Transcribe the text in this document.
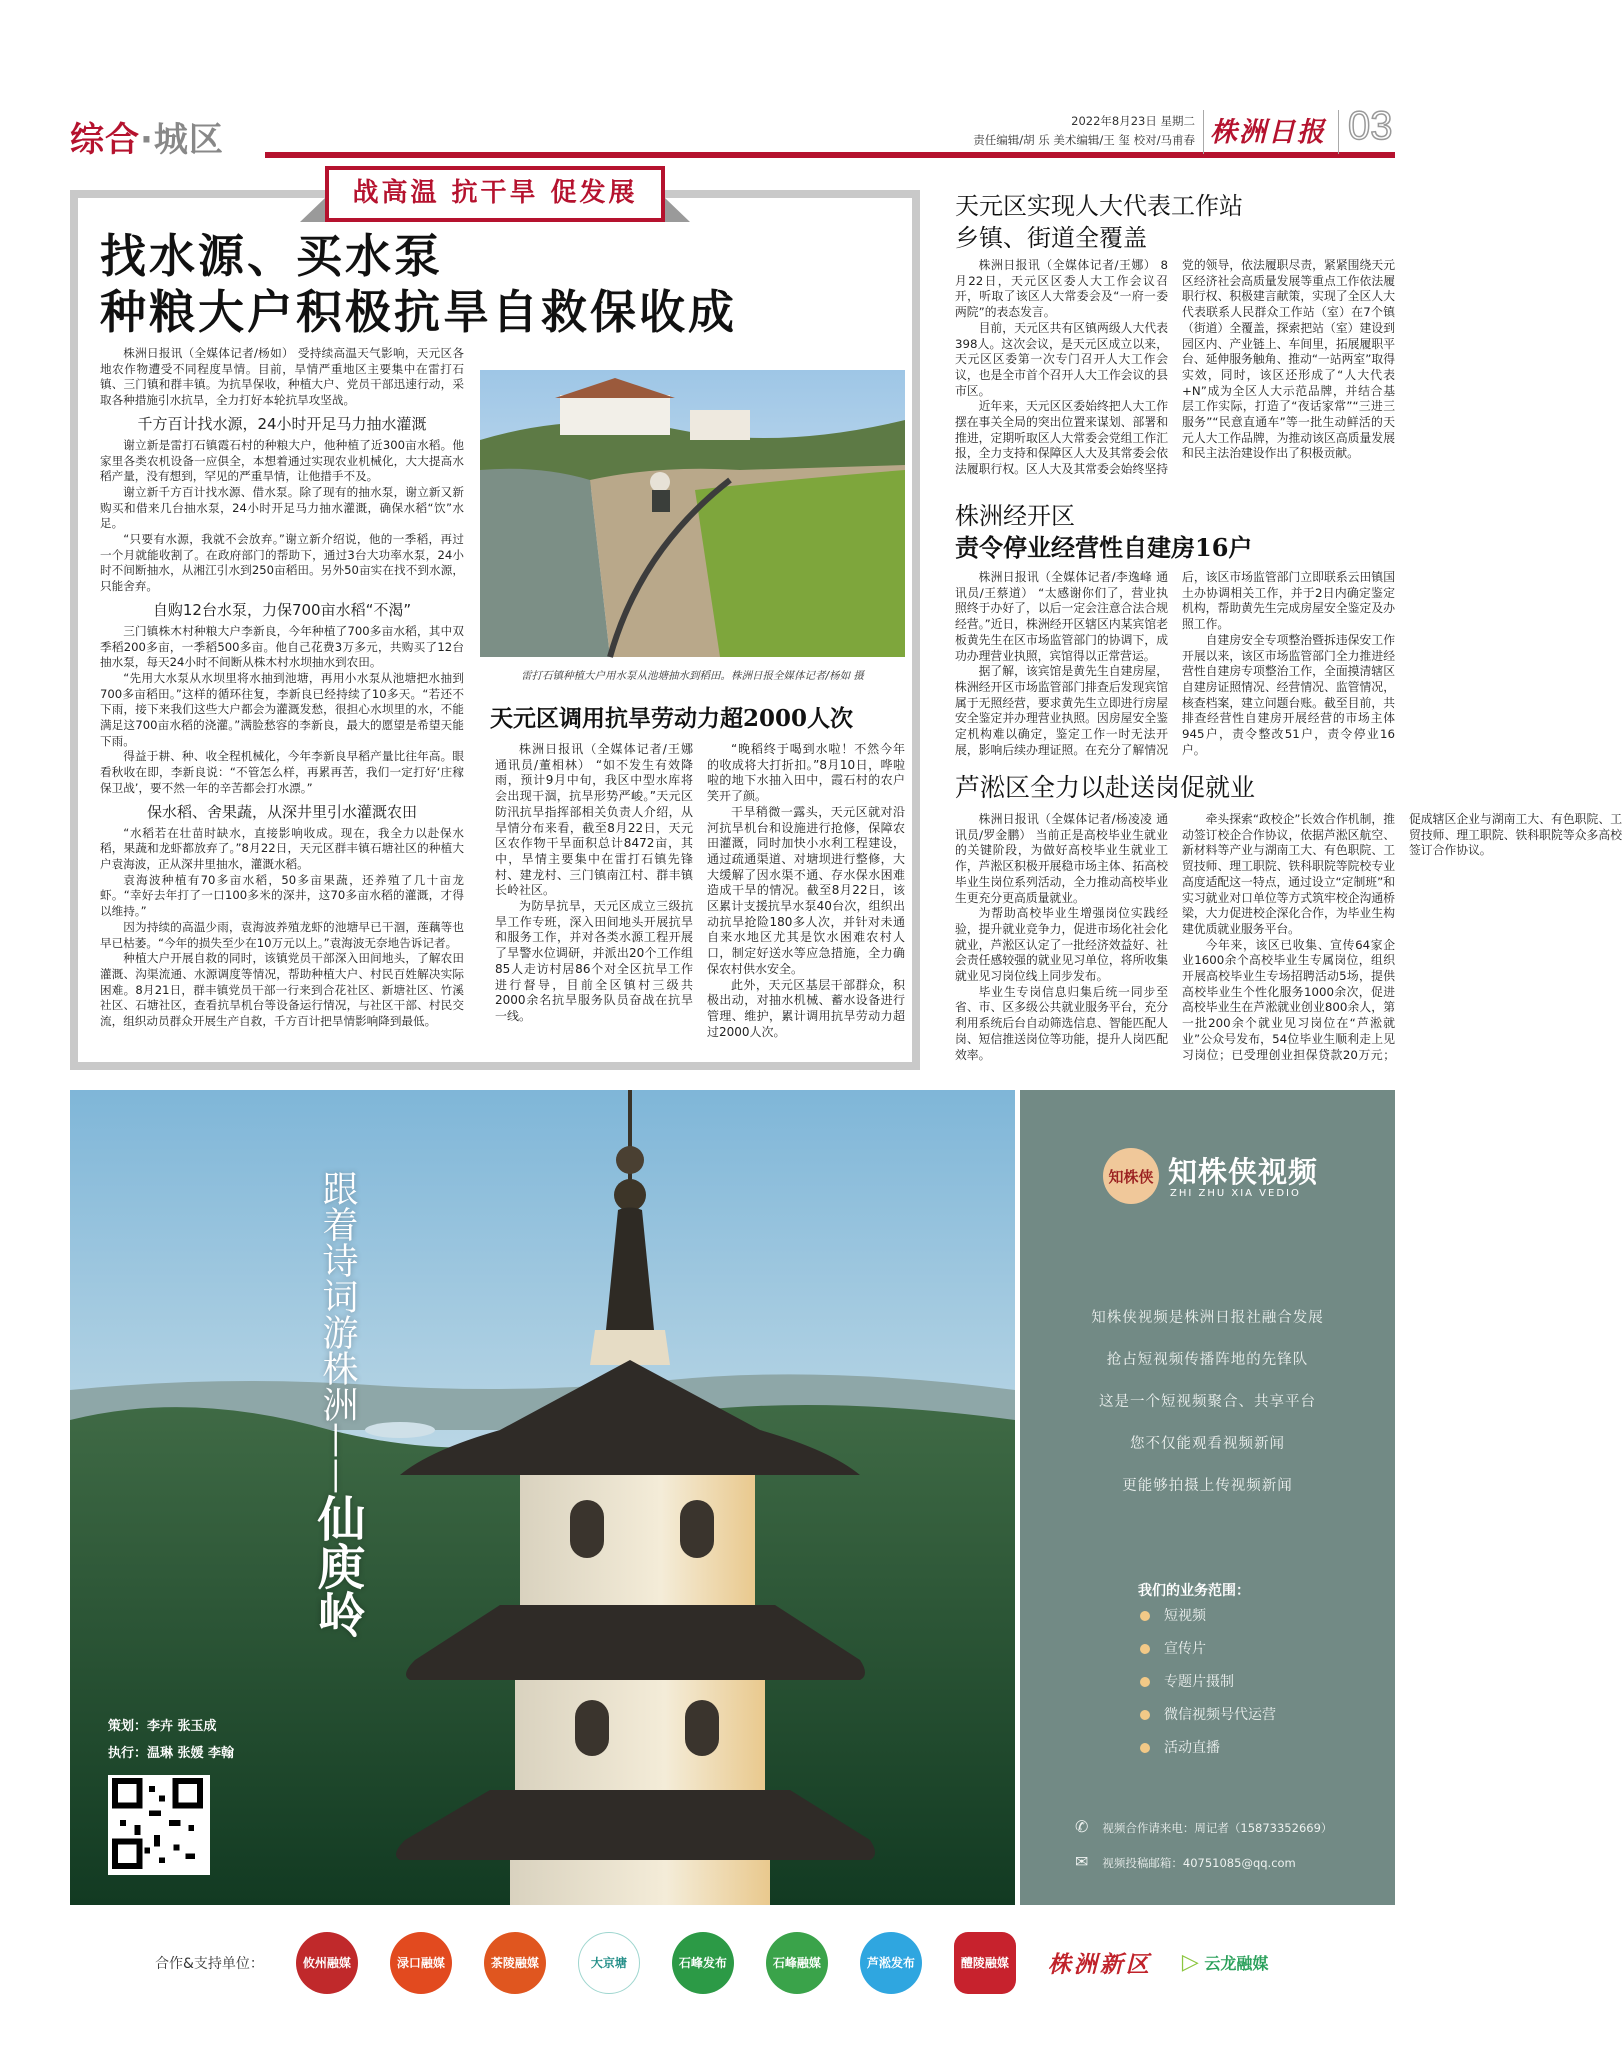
综合·城区	2022年8月23日 星期二
责任编辑/胡 乐 美术编辑/王 玺 校对/马甫春 株洲日报 03
战高温 抗干旱 促发展
找水源、买水泵
种粮大户积极抗旱自救保收成

株洲日报讯（全媒体记者/杨如） 受持续高温天气影响，天元区各地农作物遭受不同程度旱情。目前，旱情严重地区主要集中在雷打石镇、三门镇和群丰镇。为抗旱保收，种植大户、党员干部迅速行动，采取各种措施引水抗旱，全力打好本轮抗旱攻坚战。

千方百计找水源，24小时开足马力抽水灌溉

谢立新是雷打石镇霞石村的种粮大户，他种植了近300亩水稻。他家里各类农机设备一应俱全，本想着通过实现农业机械化，大大提高水稻产量，没有想到，罕见的严重旱情，让他措手不及。

谢立新千方百计找水源、借水泵。除了现有的抽水泵，谢立新又新购买和借来几台抽水泵，24小时开足马力抽水灌溉，确保水稻“饮”水足。

“只要有水源，我就不会放弃。”谢立新介绍说，他的一季稻，再过一个月就能收割了。在政府部门的帮助下，通过3台大功率水泵，24小时不间断抽水，从湘江引水到250亩稻田。另外50亩实在找不到水源，只能舍弃。

自购12台水泵，力保700亩水稻“不渴”

三门镇株木村种粮大户李新良，今年种植了700多亩水稻，其中双季稻200多亩，一季稻500多亩。他自己花费3万多元，共购买了12台抽水泵，每天24小时不间断从株木村水坝抽水到农田。

“先用大水泵从水坝里将水抽到池塘，再用小水泵从池塘把水抽到700多亩稻田。”这样的循环往复，李新良已经持续了10多天。“若还不下雨，接下来我们这些大户都会为灌溉发愁，很担心水坝里的水，不能满足这700亩水稻的浇灌。”满脸愁容的李新良，最大的愿望是希望天能下雨。

得益于耕、种、收全程机械化，今年李新良早稻产量比往年高。眼看秋收在即，李新良说：“不管怎么样，再累再苦，我们一定打好‘庄稼保卫战’，要不然一年的辛苦都会打水漂。”

保水稻、舍果蔬，从深井里引水灌溉农田

“水稻若在壮苗时缺水，直接影响收成。现在，我全力以赴保水稻，果蔬和龙虾都放弃了。”8月22日，天元区群丰镇石塘社区的种植大户袁海波，正从深井里抽水，灌溉水稻。

袁海波种植有70多亩水稻，50多亩果蔬，还养殖了几十亩龙虾。“幸好去年打了一口100多米的深井，这70多亩水稻的灌溉，才得以维持。”

因为持续的高温少雨，袁海波养殖龙虾的池塘早已干涸，莲藕等也早已枯萎。“今年的损失至少在10万元以上。”袁海波无奈地告诉记者。

种植大户开展自救的同时，该镇党员干部深入田间地头，了解农田灌溉、沟渠流通、水源调度等情况，帮助种植大户、村民百姓解决实际困难。8月21日，群丰镇党员干部一行来到合花社区、新塘社区、竹溪社区、石塘社区，查看抗旱机台等设备运行情况，与社区干部、村民交流，组织动员群众开展生产自救，千方百计把旱情影响降到最低。

雷打石镇种植大户用水泵从池塘抽水到稻田。株洲日报全媒体记者/杨如 摄
天元区调用抗旱劳动力超2000人次

株洲日报讯（全媒体记者/王娜 通讯员/董相林） “如不发生有效降雨，预计9月中旬，我区中型水库将会出现干涸，抗旱形势严峻。”天元区防汛抗旱指挥部相关负责人介绍，从旱情分布来看，截至8月22日，天元区农作物干旱面积总计8472亩，其中，旱情主要集中在雷打石镇先锋村、建龙村、三门镇南江村、群丰镇长岭社区。

为防旱抗旱，天元区成立三级抗旱工作专班，深入田间地头开展抗旱和服务工作，并对各类水源工程开展了旱警水位调研，并派出20个工作组85人走访村居86个对全区抗旱工作进行督导，目前全区镇村三级共2000余名抗旱服务队员奋战在抗旱一线。

“晚稻终于喝到水啦！不然今年的收成将大打折扣。”8月10日，哗啦啦的地下水抽入田中，霞石村的农户笑开了颜。

干旱稍微一露头，天元区就对沿河抗旱机台和设施进行抢修，保障农田灌溉，同时加快小水利工程建设，通过疏通渠道、对塘坝进行整修，大大缓解了因水渠不通、存水保水困难造成干旱的情况。截至8月22日，该区累计支援抗旱水泵40台次，组织出动抗旱抢险180多人次，并针对未通自来水地区尤其是饮水困难农村人口，制定好送水等应急措施，全力确保农村供水安全。

此外，天元区基层干部群众，积极出动，对抽水机械、蓄水设备进行管理、维护，累计调用抗旱劳动力超过2000人次。

天元区实现人大代表工作站
乡镇、街道全覆盖

株洲日报讯（全媒体记者/王娜） 8月22日，天元区区委人大工作会议召开，听取了该区人大常委会及“一府一委两院”的表态发言。

目前，天元区共有区镇两级人大代表398人。这次会议，是天元区成立以来，天元区区委第一次专门召开人大工作会议，也是全市首个召开人大工作会议的县市区。

近年来，天元区区委始终把人大工作摆在事关全局的突出位置来谋划、部署和推进，定期听取区人大常委会党组工作汇报，全力支持和保障区人大及其常委会依法履职行权。区人大及其常委会始终坚持党的领导，依法履职尽责，紧紧围绕天元区经济社会高质量发展等重点工作依法履职行权、积极建言献策，实现了全区人大代表联系人民群众工作站（室）在7个镇（街道）全覆盖，探索把站（室）建设到园区内、产业链上、车间里，拓展履职平台、延伸服务触角、推动“一站两室”取得实效，同时，该区还形成了“人大代表+N”成为全区人大示范品牌，并结合基层工作实际，打造了“夜话家常”“三进三服务”“民意直通车”等一批生动鲜活的天元人大工作品牌，为推动该区高质量发展和民主法治建设作出了积极贡献。

株洲经开区
责令停业经营性自建房16户

株洲日报讯（全媒体记者/李逸峰 通讯员/王蔡道） “太感谢你们了，营业执照终于办好了，以后一定会注意合法合规经营。”近日，株洲经开区辖区内某宾馆老板黄先生在区市场监管部门的协调下，成功办理营业执照，宾馆得以正常营运。

据了解，该宾馆是黄先生自建房屋，株洲经开区市场监管部门排查后发现宾馆属于无照经营，要求黄先生立即进行房屋安全鉴定并办理营业执照。因房屋安全鉴定机构难以确定，鉴定工作一时无法开展，影响后续办理证照。在充分了解情况后，该区市场监管部门立即联系云田镇国土办协调相关工作，并于2日内确定鉴定机构，帮助黄先生完成房屋安全鉴定及办照工作。

自建房安全专项整治暨拆违保安工作开展以来，该区市场监管部门全力推进经营性自建房专项整治工作，全面摸清辖区自建房证照情况、经营情况、监管情况，核查档案，建立问题台账。截至目前，共排查经营性自建房开展经营的市场主体945户，责令整改51户，责令停业16户。

芦淞区全力以赴送岗促就业

株洲日报讯（全媒体记者/杨凌凌 通讯员/罗金鹏） 当前正是高校毕业生就业的关键阶段，为做好高校毕业生就业工作，芦淞区积极开展稳市场主体、拓高校毕业生岗位系列活动，全力推动高校毕业生更充分更高质量就业。

为帮助高校毕业生增强岗位实践经验，提升就业竞争力，促进市场化社会化就业，芦淞区认定了一批经济效益好、社会责任感较强的就业见习单位，将所收集就业见习岗位线上同步发布。

毕业生专岗信息归集后统一同步至省、市、区多级公共就业服务平台，充分利用系统后台自动筛选信息、智能匹配人岗、短信推送岗位等功能，提升人岗匹配效率。

牵头探索“政校企”长效合作机制，推动签订校企合作协议，依据芦淞区航空、新材料等产业与湖南工大、有色职院、工贸技师、理工职院、铁科职院等院校专业高度适配这一特点，通过设立“定制班”和实习就业对口单位等方式筑牢校企沟通桥梁，大力促进校企深化合作，为毕业生构建优质就业服务平台。

今年来，该区已收集、宣传64家企业1600余个高校毕业生专属岗位，组织开展高校毕业生专场招聘活动5场，提供高校毕业生个性化服务1000余次，促进高校毕业生在芦淞就业创业800余人，第一批200余个就业见习岗位在“芦淞就业”公众号发布，54位毕业生顺利走上见习岗位；已受理创业担保贷款20万元；促成辖区企业与湖南工大、有色职院、工贸技师、理工职院、铁科职院等众多高校签订合作协议。

跟着诗词游株洲——仙庾岭
策划：李卉 张玉成
执行：温琳 张媛 李翰
知株侠 知株侠视频
ZHI ZHU XIA VEDIO
知株侠视频是株洲日报社融合发展
抢占短视频传播阵地的先锋队
这是一个短视频聚合、共享平台
您不仅能观看视频新闻
更能够拍摄上传视频新闻
我们的业务范围：
短视频
宣传片
专题片摄制
微信视频号代运营
活动直播
✆ 视频合作请来电：周记者（15873352669）
✉ 视频投稿邮箱：40751085@qq.com
合作&支持单位：	攸州融媒	渌口融媒	茶陵融媒	大京塘	石峰发布	石峰融媒	芦淞发布	醴陵融媒 株洲新区 ▷ 云龙融媒
